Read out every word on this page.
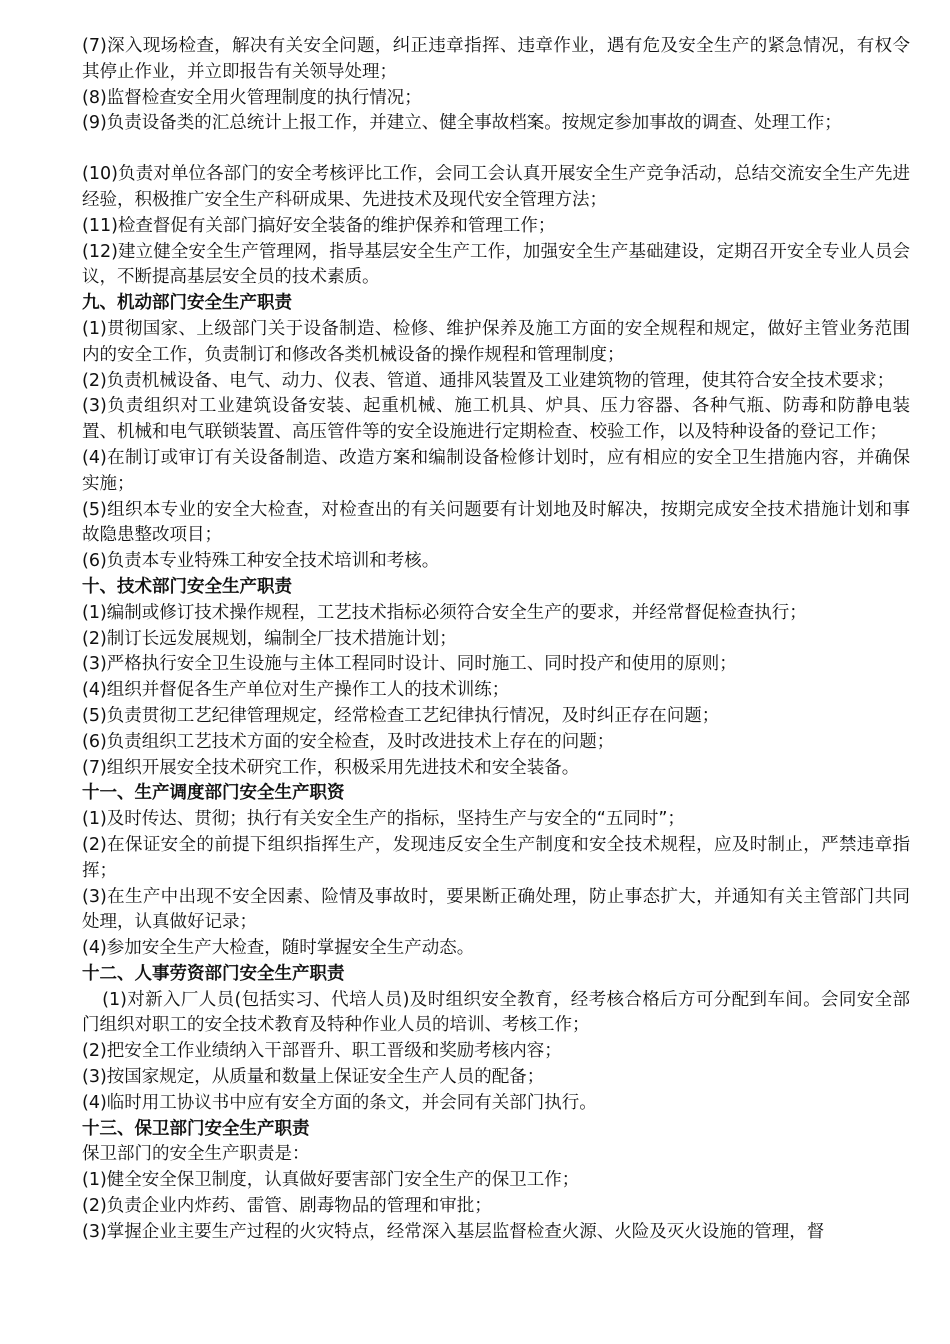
(7)深入现场检查，解决有关安全问题，纠正违章指挥、违章作业，遇有危及安全生产的紧急情况，有权令其停止作业，并立即报告有关领导处理；
(8)监督检查安全用火管理制度的执行情况；
(9)负责设备类的汇总统计上报工作，并建立、健全事故档案。按规定参加事故的调查、处理工作；
(10)负责对单位各部门的安全考核评比工作，会同工会认真开展安全生产竞争活动，总结交流安全生产先进经验，积极推广安全生产科研成果、先进技术及现代安全管理方法；
(11)检查督促有关部门搞好安全装备的维护保养和管理工作；
(12)建立健全安全生产管理网，指导基层安全生产工作，加强安全生产基础建设，定期召开安全专业人员会议，不断提高基层安全员的技术素质。
九、机动部门安全生产职责
(1)贯彻国家、上级部门关于设备制造、检修、维护保养及施工方面的安全规程和规定，做好主管业务范围内的安全工作，负责制订和修改各类机械设备的操作规程和管理制度；
(2)负责机械设备、电气、动力、仪表、管道、通排风装置及工业建筑物的管理，使其符合安全技术要求；
(3)负责组织对工业建筑设备安装、起重机械、施工机具、炉具、压力容器、各种气瓶、防毒和防静电装置、机械和电气联锁装置、高压管件等的安全设施进行定期检查、校验工作，以及特种设备的登记工作；
(4)在制订或审订有关设备制造、改造方案和编制设备检修计划时，应有相应的安全卫生措施内容，并确保实施；
(5)组织本专业的安全大检查，对检查出的有关问题要有计划地及时解决，按期完成安全技术措施计划和事故隐患整改项目；
(6)负责本专业特殊工种安全技术培训和考核。
十、技术部门安全生产职责
(1)编制或修订技术操作规程，工艺技术指标必须符合安全生产的要求，并经常督促检查执行；
(2)制订长远发展规划，编制全厂技术措施计划；
(3)严格执行安全卫生设施与主体工程同时设计、同时施工、同时投产和使用的原则；
(4)组织并督促各生产单位对生产操作工人的技术训练；
(5)负责贯彻工艺纪律管理规定，经常检查工艺纪律执行情况，及时纠正存在问题；
(6)负责组织工艺技术方面的安全检查，及时改进技术上存在的问题；
(7)组织开展安全技术研究工作，积极采用先进技术和安全装备。
十一、生产调度部门安全生产职资
(1)及时传达、贯彻；执行有关安全生产的指标，坚持生产与安全的“五同时”；
(2)在保证安全的前提下组织指挥生产，发现违反安全生产制度和安全技术规程，应及时制止，严禁违章指挥；
(3)在生产中出现不安全因素、险情及事故时，要果断正确处理，防止事态扩大，并通知有关主管部门共同处理，认真做好记录；
(4)参加安全生产大检查，随时掌握安全生产动态。
十二、人事劳资部门安全生产职责
(1)对新入厂人员(包括实习、代培人员)及时组织安全教育，经考核合格后方可分配到车间。会同安全部门组织对职工的安全技术教育及特种作业人员的培训、考核工作；
(2)把安全工作业绩纳入干部晋升、职工晋级和奖励考核内容；
(3)按国家规定，从质量和数量上保证安全生产人员的配备；
(4)临时用工协议书中应有安全方面的条文，并会同有关部门执行。
十三、保卫部门安全生产职责
保卫部门的安全生产职责是：
(1)健全安全保卫制度，认真做好要害部门安全生产的保卫工作；
(2)负责企业内炸药、雷管、剧毒物品的管理和审批；
(3)掌握企业主要生产过程的火灾特点，经常深入基层监督检查火源、火险及灭火设施的管理，督
